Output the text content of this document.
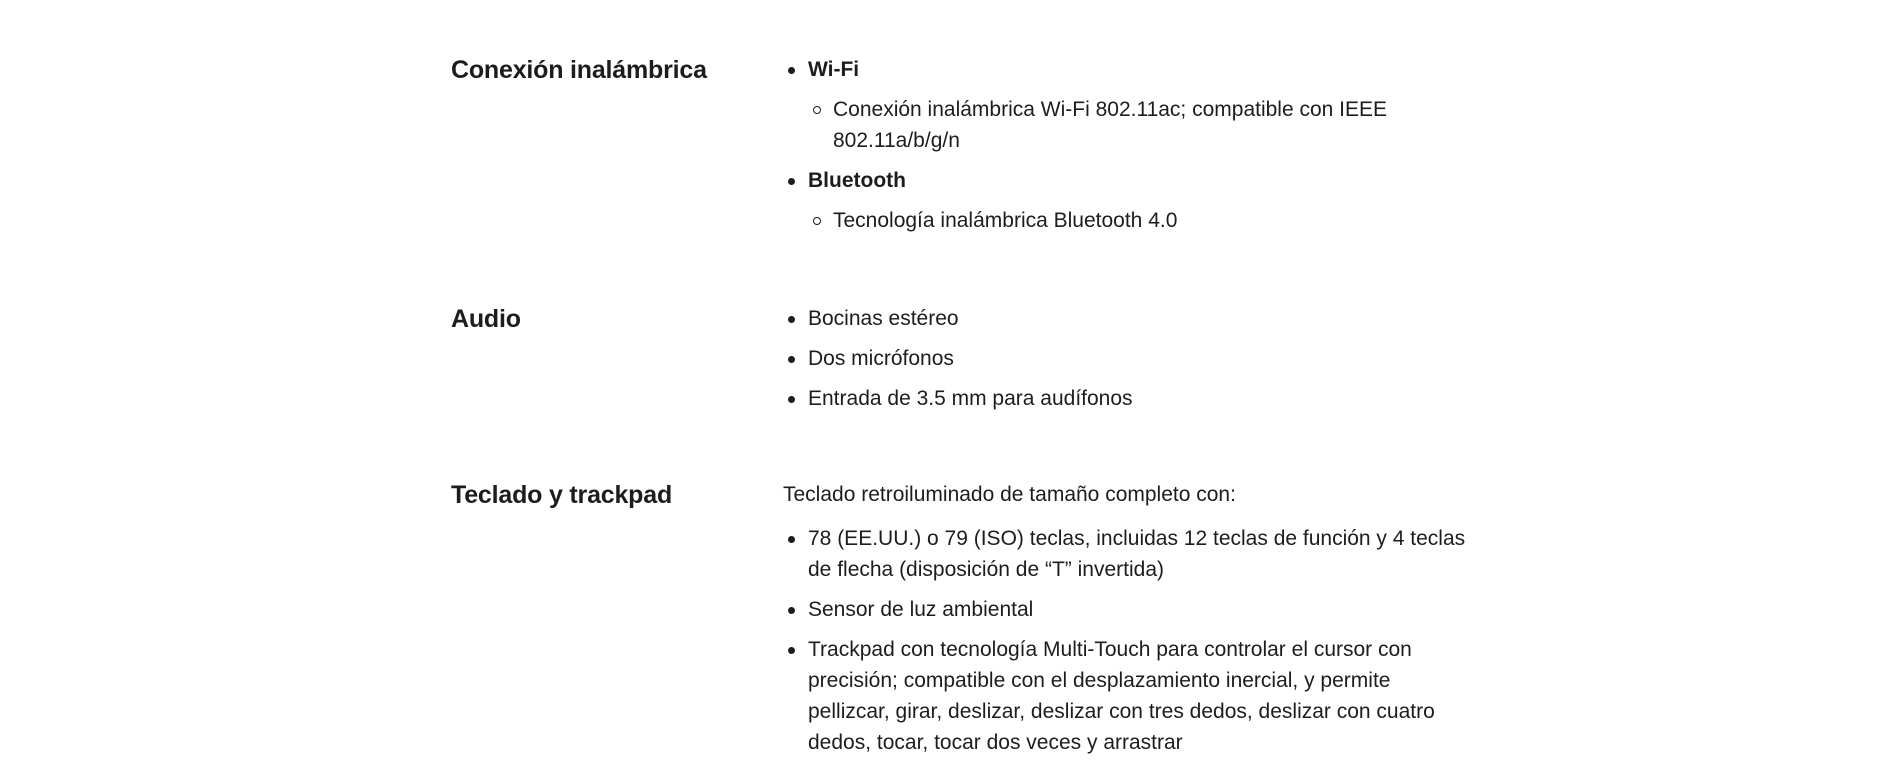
Conexión inalámbrica	Wi-Fi
Conexión inalámbrica Wi-Fi 802.11ac; compatible con IEEE 802.11a/b/g/n
Bluetooth
Tecnología inalámbrica Bluetooth 4.0
Audio	Bocinas estéreo
Dos micrófonos
Entrada de 3.5 mm para audífonos
Teclado y trackpad	Teclado retroiluminado de tamaño completo con:

78 (EE.UU.) o 79 (ISO) teclas, incluidas 12 teclas de función y 4 teclas de flecha (disposición de “T” invertida)
Sensor de luz ambiental
Trackpad con tecnología Multi-Touch para controlar el cursor con precisión; compatible con el desplazamiento inercial, y permite pellizcar, girar, deslizar, deslizar con tres dedos, deslizar con cuatro dedos, tocar, tocar dos veces y arrastrar
